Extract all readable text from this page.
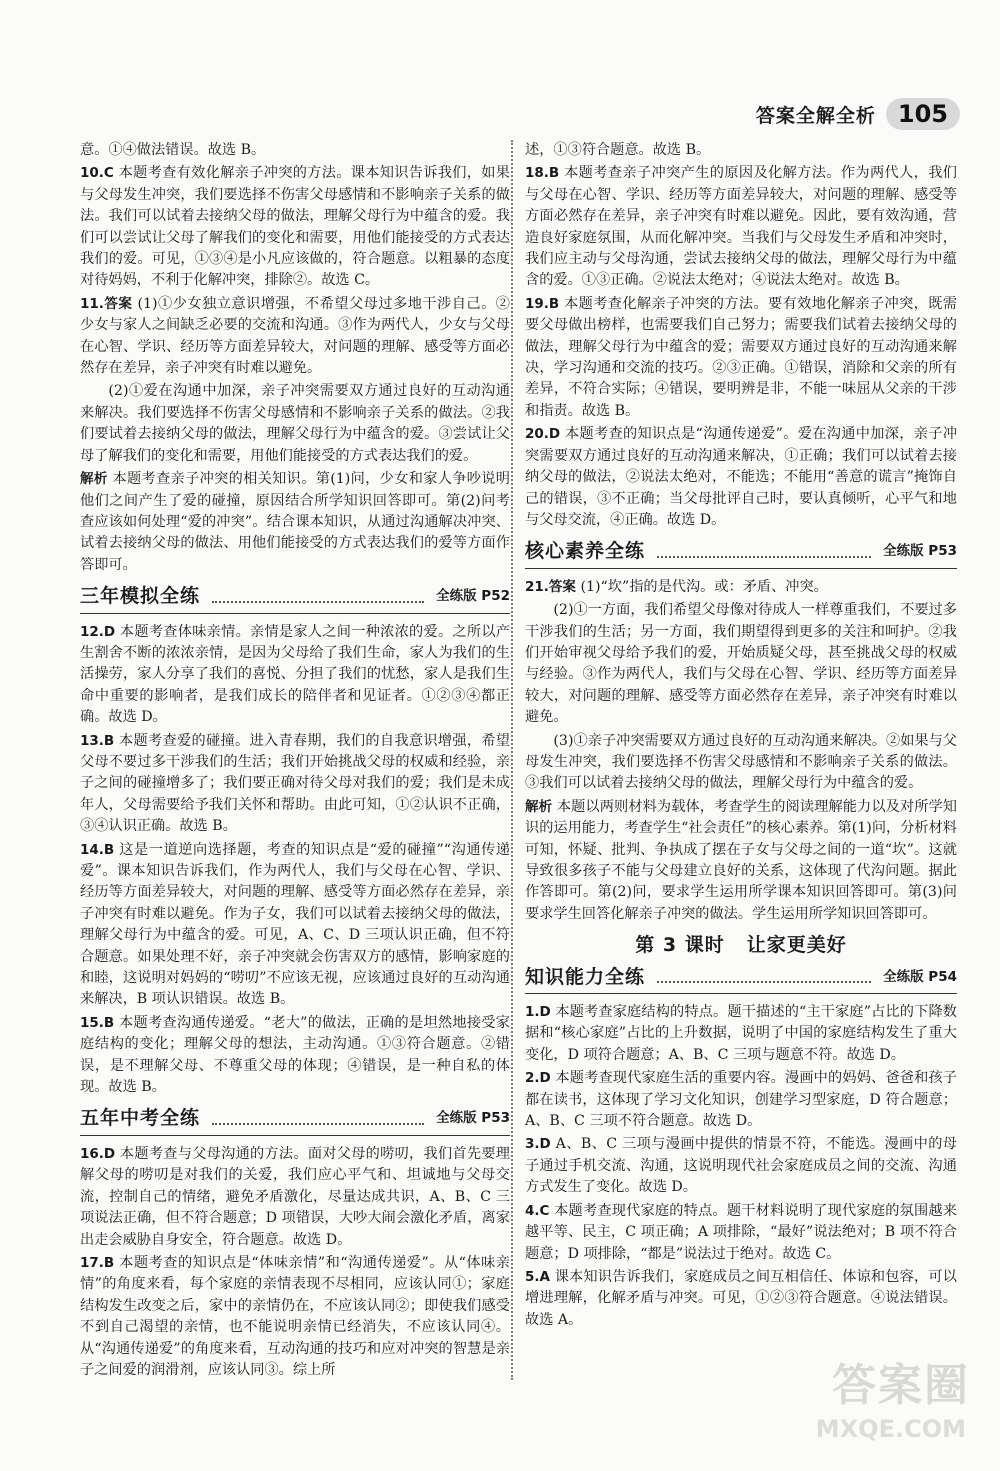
答案全解全析 105
意。①④做法错误。故选 B。
10.C 本题考查有效化解亲子冲突的方法。课本知识告诉我们，如果与父母发生冲突，我们要选择不伤害父母感情和不影响亲子关系的做法。我们可以试着去接纳父母的做法，理解父母行为中蕴含的爱。我们可以尝试让父母了解我们的变化和需要，用他们能接受的方式表达我们的爱。可见，①③④是小凡应该做的，符合题意。以粗暴的态度对待妈妈，不利于化解冲突，排除②。故选 C。
11.答案 (1)①少女独立意识增强，不希望父母过多地干涉自己。②少女与家人之间缺乏必要的交流和沟通。③作为两代人，少女与父母在心智、学识、经历等方面差异较大，对问题的理解、感受等方面必然存在差异，亲子冲突有时难以避免。
(2)①爱在沟通中加深，亲子冲突需要双方通过良好的互动沟通来解决。我们要选择不伤害父母感情和不影响亲子关系的做法。②我们要试着去接纳父母的做法，理解父母行为中蕴含的爱。③尝试让父母了解我们的变化和需要，用他们能接受的方式表达我们的爱。
解析 本题考查亲子冲突的相关知识。第(1)问，少女和家人争吵说明他们之间产生了爱的碰撞，原因结合所学知识回答即可。第(2)问考查应该如何处理“爱的冲突”。结合课本知识，从通过沟通解决冲突、试着去接纳父母的做法、用他们能接受的方式表达我们的爱等方面作答即可。
三年模拟全练	全练版 P52
12.D 本题考查体味亲情。亲情是家人之间一种浓浓的爱。之所以产生割舍不断的浓浓亲情，是因为父母给了我们生命，家人为我们的生活操劳，家人分享了我们的喜悦、分担了我们的忧愁，家人是我们生命中重要的影响者，是我们成长的陪伴者和见证者。①②③④都正确。故选 D。
13.B 本题考查爱的碰撞。进入青春期，我们的自我意识增强，希望父母不要过多干涉我们的生活；我们开始挑战父母的权威和经验，亲子之间的碰撞增多了；我们要正确对待父母对我们的爱；我们是未成年人，父母需要给予我们关怀和帮助。由此可知，①②认识不正确，③④认识正确。故选 B。
14.B 这是一道逆向选择题，考查的知识点是“爱的碰撞”“沟通传递爱”。课本知识告诉我们，作为两代人，我们与父母在心智、学识、经历等方面差异较大，对问题的理解、感受等方面必然存在差异，亲子冲突有时难以避免。作为子女，我们可以试着去接纳父母的做法，理解父母行为中蕴含的爱。可见，A、C、D 三项认识正确，但不符合题意。如果处理不好，亲子冲突就会伤害双方的感情，影响家庭的和睦，这说明对妈妈的“唠叨”不应该无视，应该通过良好的互动沟通来解决，B 项认识错误。故选 B。
15.B 本题考查沟通传递爱。“老大”的做法，正确的是坦然地接受家庭结构的变化；理解父母的想法，主动沟通。①③符合题意。②错误，是不理解父母、不尊重父母的体现；④错误，是一种自私的体现。故选 B。
五年中考全练	全练版 P53
16.D 本题考查与父母沟通的方法。面对父母的唠叨，我们首先要理解父母的唠叨是对我们的关爱，我们应心平气和、坦诚地与父母交流，控制自己的情绪，避免矛盾激化，尽量达成共识，A、B、C 三项说法正确，但不符合题意；D 项错误，大吵大闹会激化矛盾，离家出走会威胁自身安全，符合题意。故选 D。
17.B 本题考查的知识点是“体味亲情”和“沟通传递爱”。从“体味亲情”的角度来看，每个家庭的亲情表现不尽相同，应该认同①；家庭结构发生改变之后，家中的亲情仍在，不应该认同②；即使我们感受不到自己渴望的亲情，也不能说明亲情已经消失，不应该认同④。从“沟通传递爱”的角度来看，互动沟通的技巧和应对冲突的智慧是亲子之间爱的润滑剂，应该认同③。综上所
述，①③符合题意。故选 B。
18.B 本题考查亲子冲突产生的原因及化解方法。作为两代人，我们与父母在心智、学识、经历等方面差异较大，对问题的理解、感受等方面必然存在差异，亲子冲突有时难以避免。因此，要有效沟通，营造良好家庭氛围，从而化解冲突。当我们与父母发生矛盾和冲突时，我们应主动与父母沟通，尝试去接纳父母的做法，理解父母行为中蕴含的爱。①③正确。②说法太绝对；④说法太绝对。故选 B。
19.B 本题考查化解亲子冲突的方法。要有效地化解亲子冲突，既需要父母做出榜样，也需要我们自己努力；需要我们试着去接纳父母的做法，理解父母行为中蕴含的爱；需要双方通过良好的互动沟通来解决，学习沟通和交流的技巧。②③正确。①错误，消除和父亲的所有差异，不符合实际；④错误，要明辨是非，不能一味屈从父亲的干涉和指责。故选 B。
20.D 本题考查的知识点是“沟通传递爱”。爱在沟通中加深，亲子冲突需要双方通过良好的互动沟通来解决，①正确；我们可以试着去接纳父母的做法，②说法太绝对，不能选；不能用“善意的谎言”掩饰自己的错误，③不正确；当父母批评自己时，要认真倾听，心平气和地与父母交流，④正确。故选 D。
核心素养全练	全练版 P53
21.答案 (1)“坎”指的是代沟。或：矛盾、冲突。
(2)①一方面，我们希望父母像对待成人一样尊重我们，不要过多干涉我们的生活；另一方面，我们期望得到更多的关注和呵护。②我们开始审视父母给予我们的爱，开始质疑父母，甚至挑战父母的权威与经验。③作为两代人，我们与父母在心智、学识、经历等方面差异较大，对问题的理解、感受等方面必然存在差异，亲子冲突有时难以避免。
(3)①亲子冲突需要双方通过良好的互动沟通来解决。②如果与父母发生冲突，我们要选择不伤害父母感情和不影响亲子关系的做法。③我们可以试着去接纳父母的做法，理解父母行为中蕴含的爱。
解析 本题以两则材料为载体，考查学生的阅读理解能力以及对所学知识的运用能力，考查学生“社会责任”的核心素养。第(1)问，分析材料可知，怀疑、批判、争执成了摆在子女与父母之间的一道“坎”。这就导致很多孩子不能与父母建立良好的关系，这体现了代沟问题。据此作答即可。第(2)问，要求学生运用所学课本知识回答即可。第(3)问要求学生回答化解亲子冲突的做法。学生运用所学知识回答即可。
第 3 课时 让家更美好
知识能力全练	全练版 P54
1.D 本题考查家庭结构的特点。题干描述的“主干家庭”占比的下降数据和“核心家庭”占比的上升数据，说明了中国的家庭结构发生了重大变化，D 项符合题意；A、B、C 三项与题意不符。故选 D。
2.D 本题考查现代家庭生活的重要内容。漫画中的妈妈、爸爸和孩子都在读书，这体现了学习文化知识，创建学习型家庭，D 符合题意；A、B、C 三项不符合题意。故选 D。
3.D A、B、C 三项与漫画中提供的情景不符，不能选。漫画中的母子通过手机交流、沟通，这说明现代社会家庭成员之间的交流、沟通方式发生了变化。故选 D。
4.C 本题考查现代家庭的特点。题干材料说明了现代家庭的氛围越来越平等、民主，C 项正确；A 项排除，“最好”说法绝对；B 项不符合题意；D 项排除，“都是”说法过于绝对。故选 C。
5.A 课本知识告诉我们，家庭成员之间互相信任、体谅和包容，可以增进理解，化解矛盾与冲突。可见，①②③符合题意。④说法错误。故选 A。
答案圈
MXQE.COM
